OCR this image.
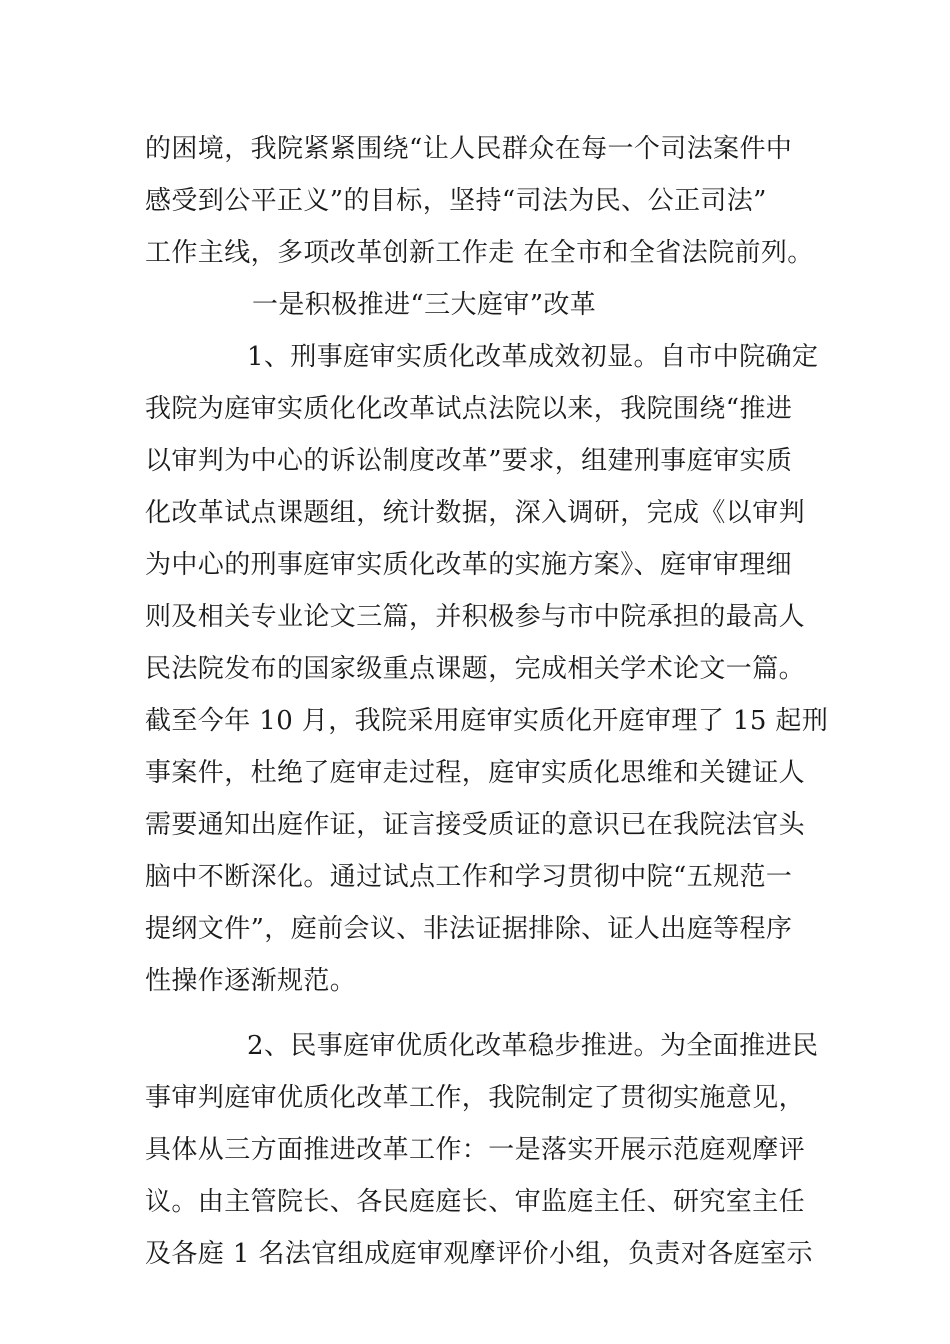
的困境，我院紧紧围绕“让人民群众在每一个司法案件中
感受到公平正义”的目标，坚持“司法为民、公正司法”
工作主线，多项改革创新工作走 在全市和全省法院前列。
一是积极推进“三大庭审”改革
1、刑事庭审实质化改革成效初显。自市中院确定
我院为庭审实质化化改革试点法院以来，我院围绕“推进
以审判为中心的诉讼制度改革”要求，组建刑事庭审实质
化改革试点课题组，统计数据，深入调研，完成《以审判
为中心的刑事庭审实质化改革的实施方案》、庭审审理细
则及相关专业论文三篇，并积极参与市中院承担的最高人
民法院发布的国家级重点课题，完成相关学术论文一篇。
截至今年 10 月，我院采用庭审实质化开庭审理了 15 起刑
事案件，杜绝了庭审走过程，庭审实质化思维和关键证人
需要通知出庭作证，证言接受质证的意识已在我院法官头
脑中不断深化。通过试点工作和学习贯彻中院“五规范一
提纲文件”，庭前会议、非法证据排除、证人出庭等程序
性操作逐渐规范。
2、民事庭审优质化改革稳步推进。为全面推进民
事审判庭审优质化改革工作，我院制定了贯彻实施意见，
具体从三方面推进改革工作：一是落实开展示范庭观摩评
议。由主管院长、各民庭庭长、审监庭主任、研究室主任
及各庭 1 名法官组成庭审观摩评价小组，负责对各庭室示
